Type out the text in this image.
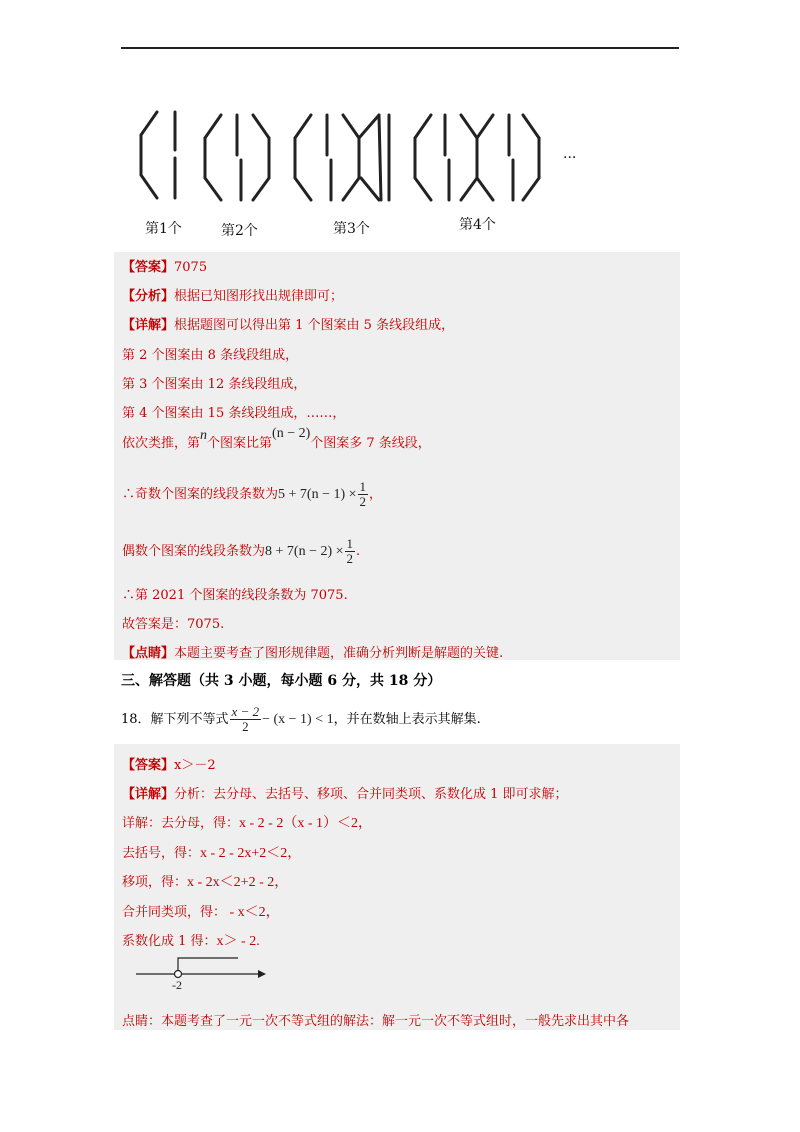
...
第1个	第2个	第3个	第4个
【答案】7075
【分析】根据已知图形找出规律即可；
【详解】根据题图可以得出第 1 个图案由 5 条线段组成，
第 2 个图案由 8 条线段组成，
第 3 个图案由 12 条线段组成，
第 4 个图案由 15 条线段组成，……，
依次类推，第n个图案比第(n − 2)个图案多 7 条线段，
∴奇数个图案的线段条数为$5 + 7(n - 1) \times \frac{1}{2}$ ，
偶数个图案的线段条数为$8 + 7(n - 2) \times \frac{1}{2}$ .
∴第 2021 个图案的线段条数为 7075.
故答案是：7075.
【点睛】本题主要考查了图形规律题，准确分析判断是解题的关键.
三、解答题（共 3 小题，每小题 6 分，共 18 分）
18．解下列不等式 $\frac{x - 2}{2} - (x - 1) < 1$，并在数轴上表示其解集.
【答案】x＞－2
【详解】分析：去分母、去括号、移项、合并同类项、系数化成 1 即可求解；
详解：去分母，得：x - 2 - 2（x - 1）＜2，
去括号，得：x - 2 - 2x+2＜2，
移项，得：x - 2x＜2+2 - 2，
合并同类项，得： - x＜2，
系数化成 1 得：x＞ - 2.
-2
点睛：本题考查了一元一次不等式组的解法：解一元一次不等式组时，一般先求出其中各
